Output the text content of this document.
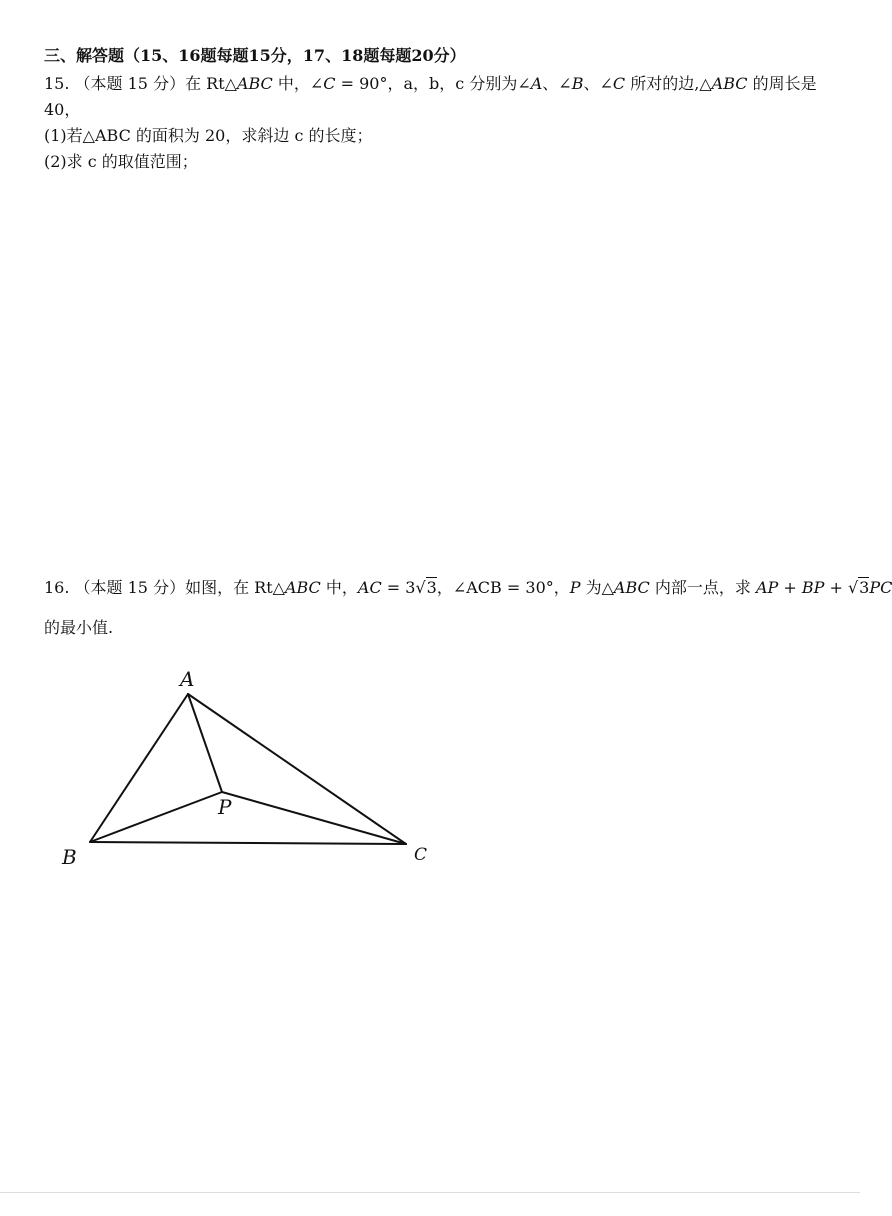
三、解答题（15、16题每题15分，17、18题每题20分）
15. （本题 15 分）在 Rt△ABC 中，∠C = 90°，a，b，c 分别为∠A、∠B、∠C 所对的边,△ABC 的周长是
40，
(1)若△ABC 的面积为 20，求斜边 c 的长度；
(2)求 c 的取值范围；
16. （本题 15 分）如图，在 Rt△ABC 中，AC = 3√3，∠ACB = 30°，P 为△ABC 内部一点，求 AP + BP + √3PC
的最小值.
A
B	C
P
